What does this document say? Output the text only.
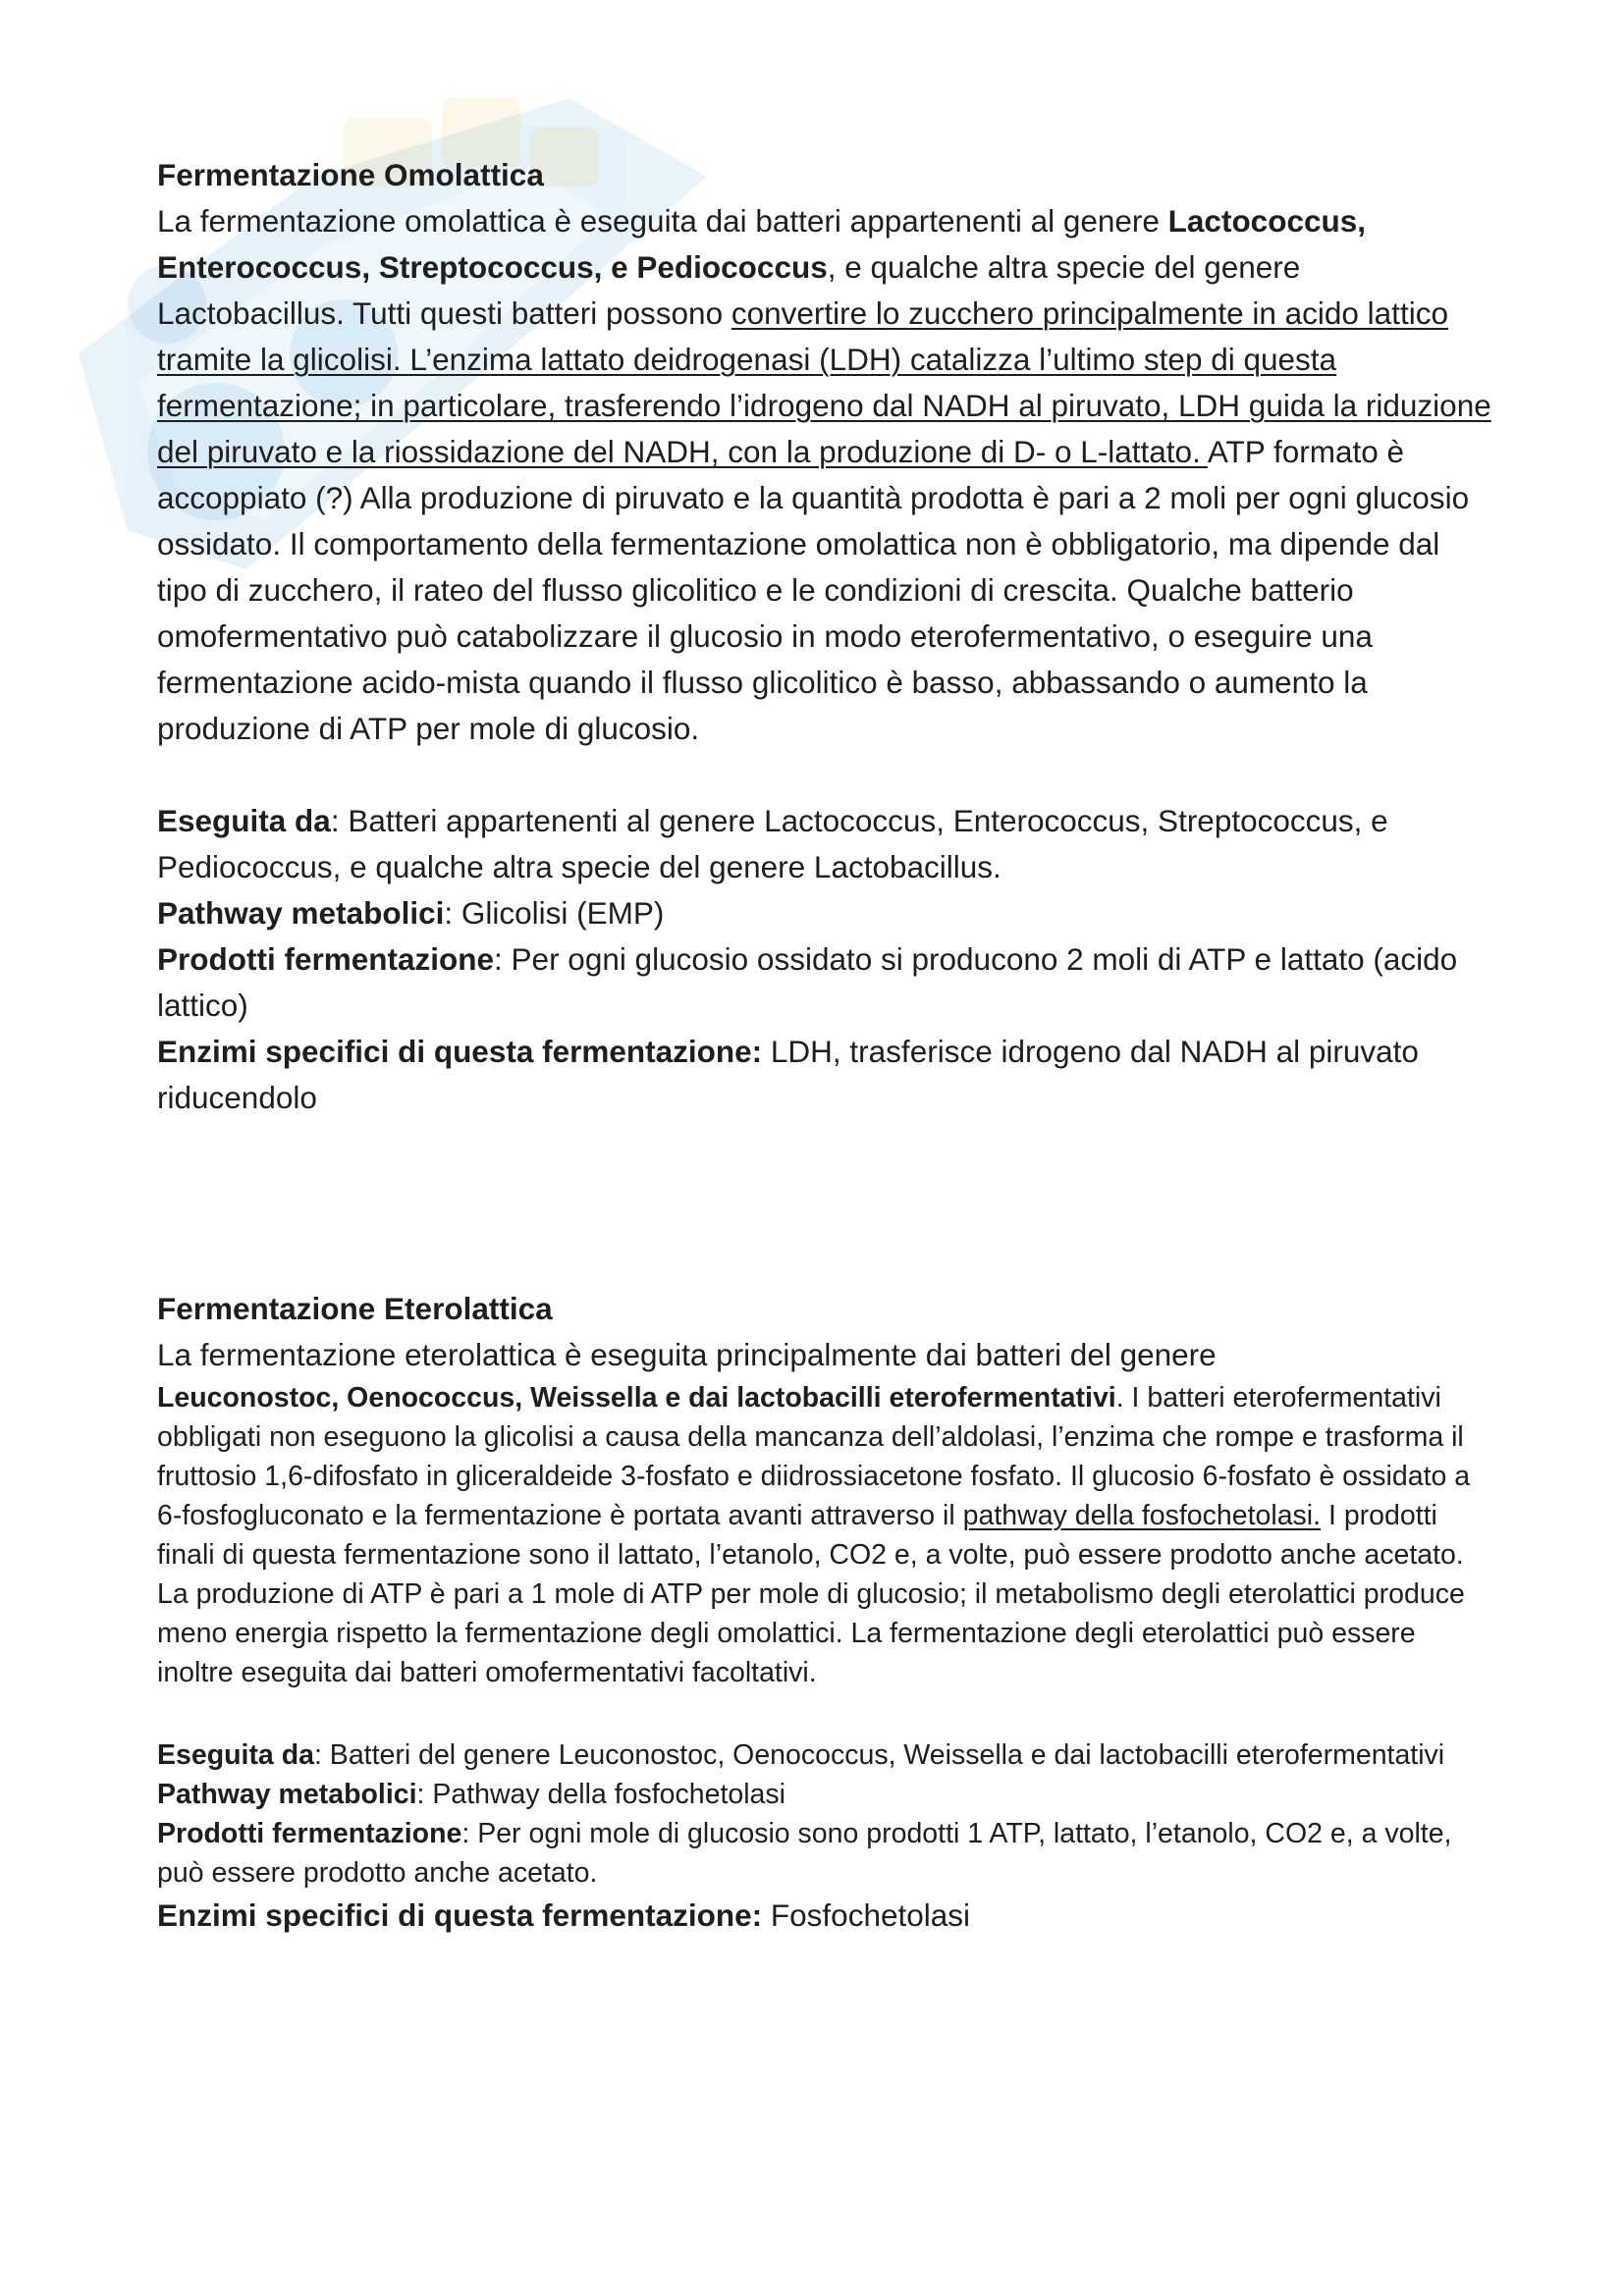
Fermentazione Omolattica

La fermentazione omolattica è eseguita dai batteri appartenenti al genere Lactococcus, Enterococcus, Streptococcus, e Pediococcus, e qualche altra specie del genere Lactobacillus. Tutti questi batteri possono convertire lo zucchero principalmente in acido lattico tramite la glicolisi. L’enzima lattato deidrogenasi (LDH) catalizza l’ultimo step di questa fermentazione; in particolare, trasferendo l’idrogeno dal NADH al piruvato, LDH guida la riduzione del piruvato e la riossidazione del NADH, con la produzione di D- o L-lattato. ATP formato è accoppiato (?) Alla produzione di piruvato e la quantità prodotta è pari a 2 moli per ogni glucosio ossidato. Il comportamento della fermentazione omolattica non è obbligatorio, ma dipende dal tipo di zucchero, il rateo del flusso glicolitico e le condizioni di crescita. Qualche batterio omofermentativo può catabolizzare il glucosio in modo eterofermentativo, o eseguire una fermentazione acido-mista quando il flusso glicolitico è basso, abbassando o aumento la produzione di ATP per mole di glucosio.

Eseguita da: Batteri appartenenti al genere Lactococcus, Enterococcus, Streptococcus, e Pediococcus, e qualche altra specie del genere Lactobacillus.

Pathway metabolici: Glicolisi (EMP)

Prodotti fermentazione: Per ogni glucosio ossidato si producono 2 moli di ATP e lattato (acido lattico)

Enzimi specifici di questa fermentazione: LDH, trasferisce idrogeno dal NADH al piruvato riducendolo

Fermentazione Eterolattica

La fermentazione eterolattica è eseguita principalmente dai batteri del genere

Leuconostoc, Oenococcus, Weissella e dai lactobacilli eterofermentativi. I batteri eterofermentativi obbligati non eseguono la glicolisi a causa della mancanza dell’aldolasi, l’enzima che rompe e trasforma il fruttosio 1,6-difosfato in gliceraldeide 3-fosfato e diidrossiacetone fosfato. Il glucosio 6-fosfato è ossidato a 6-fosfogluconato e la fermentazione è portata avanti attraverso il pathway della fosfochetolasi. I prodotti finali di questa fermentazione sono il lattato, l’etanolo, CO2 e, a volte, può essere prodotto anche acetato. La produzione di ATP è pari a 1 mole di ATP per mole di glucosio; il metabolismo degli eterolattici produce meno energia rispetto la fermentazione degli omolattici. La fermentazione degli eterolattici può essere inoltre eseguita dai batteri omofermentativi facoltativi.

Eseguita da: Batteri del genere Leuconostoc, Oenococcus, Weissella e dai lactobacilli eterofermentativi

Pathway metabolici: Pathway della fosfochetolasi

Prodotti fermentazione: Per ogni mole di glucosio sono prodotti 1 ATP, lattato, l’etanolo, CO2 e, a volte, può essere prodotto anche acetato.

Enzimi specifici di questa fermentazione: Fosfochetolasi
